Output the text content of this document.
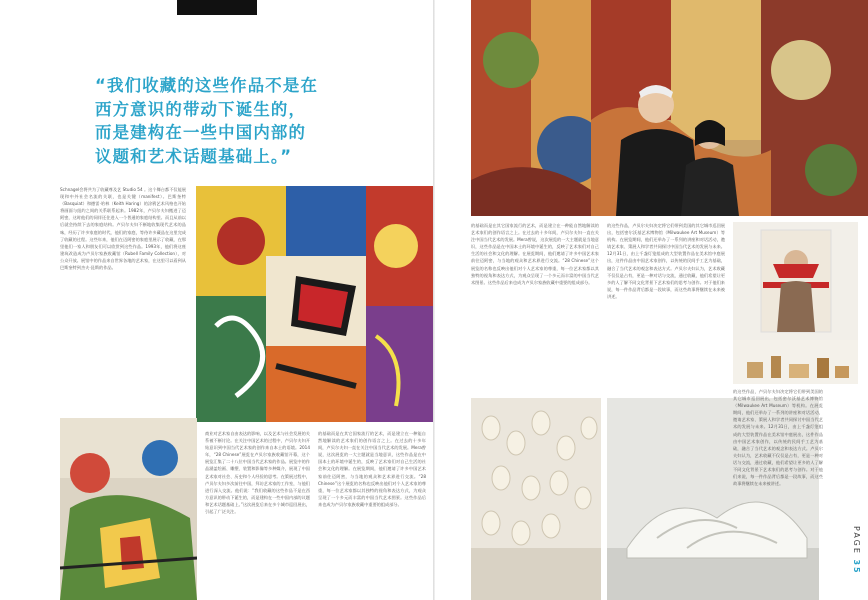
“我们收藏的这些作品不是在
西方意识的带动下诞生的，
而是建构在一些中国内部的
议题和艺术话题基础上。”

Schnagel会将共为了收藏尊及艺 Studio 54 。这个舞台都不仅能展现和中外社会名流的关联，也是关键（manifest）。巴斯奎特（Basquiat）和德雷·哈林（Keith Haring）的涂鸦艺术风格也开始将画面与纽约之间的关系联系起来。1982年，卢贝尔夫妇搬进了迈阿密，这时他们的同伴还住进入一个普通的家庭结构里。而且从前以后就会持续下去的家庭结构。卢贝尔夫妇不断地收集现代艺术的品味，经历了许多家庭的时代，他们的家庭，等待许多藏品在这里完成了收藏的过程。这些年来，他们在迈阿密的家庭里展示了收藏，在那里他们一家人和朋友们可以欣赏到这些作品。1993年，他们将这座建筑改造成为卢贝尔家族收藏馆（Rubell Family Collection），对公众开放。展馆中的作品来自世界各地的艺术家，在这里可以看到从巴斯奎特到杰夫·昆斯的作品。

商业对艺术家自由表达的影响，以及艺术与社会发展的关系被不断讨论。在关注中国艺术的过程中，卢贝尔夫妇开始意识到中国当代艺术家的创作来自本土的语境。2014年，“28 Chinese”展览在卢贝尔家族收藏馆开幕，这个展览汇集了二十八位中国当代艺术家的作品。展览中的作品涵盖绘画、雕塑、装置和影像等多种媒介，展现了中国艺术家对社会、历史和个人经验的思考。在策展过程中，卢贝尔夫妇多次前往中国，拜访艺术家的工作室，与他们进行深入交流。他们说：“我们收藏的这些作品不是在西方意识的带动下诞生的，而是建构在一些中国内部的议题和艺术话题基础上。”这次展览后来在多个城市巡回展出，引起了广泛关注。

的基础而是在其它国家流行的艺术，而是建立在一种能自然地解读的艺术家们的创作语言之上。在过去的十多年间，卢贝尔夫妇一直在关注中国当代艺术的发展。Mera曾说，这次展览的一大主题就是当地意识，这些作品是在中国本土的环境中诞生的，反映了艺术家们对自己生活的社会和文化的理解。在展览期间，他们邀请了许多中国艺术家前往迈阿密，与当地的观众和艺术界进行交流。“28 Chinese”这个展览的名称也反映出他们对个人艺术家的尊重，每一位艺术家都以其独特的视角和表达方式，为观众呈现了一个多元而丰富的中国当代艺术图景。这些作品后来也成为卢贝尔家族收藏中重要的组成部分。

的基础而是在其它国家流行的艺术，而是建立在一种能自然地解读的艺术家们的创作语言之上。在过去的十多年间，卢贝尔夫妇一直在关注中国当代艺术的发展。Mera曾说，这次展览的一大主题就是当地意识，这些作品是在中国本土的环境中诞生的，反映了艺术家们对自己生活的社会和文化的理解。在展览期间，他们邀请了许多中国艺术家前往迈阿密，与当地的观众和艺术界进行交流。“28 Chinese”这个展览的名称也反映出他们对个人艺术家的尊重，每一位艺术家都以其独特的视角和表达方式，为观众呈现了一个多元而丰富的中国当代艺术图景。这些作品后来也成为卢贝尔家族收藏中重要的组成部分。

的这些作品，卢贝尔夫妇决定将它们带到美国的其它城市巡回展出，包括密尔沃基艺术博物馆（Milwaukee Art Museum）等机构。在展览期间，他们还举办了一系列的讲座和对话活动，邀请艺术家、策展人和学者共同探讨中国当代艺术的发展与未来。12月31日，由上千盏灯笼组成的大型装置作品在美术馆中庭展出，这件作品由中国艺术家创作，以传统的民间手工艺为基础，融合了当代艺术的观念和表达方式。卢贝尔夫妇认为，艺术收藏不仅仅是占有，更是一种对话与交流，通过收藏，他们希望让更多的人了解不同文化背景下艺术家们的思考与创作。对于他们来说，每一件作品背后都是一段故事，而这些故事将继续在未来被讲述。

的这些作品，卢贝尔夫妇决定将它们带到美国的其它城市巡回展出，包括密尔沃基艺术博物馆（Milwaukee Art Museum）等机构。在展览期间，他们还举办了一系列的讲座和对话活动，邀请艺术家、策展人和学者共同探讨中国当代艺术的发展与未来。12月31日，由上千盏灯笼组成的大型装置作品在美术馆中庭展出，这件作品由中国艺术家创作，以传统的民间手工艺为基础，融合了当代艺术的观念和表达方式。卢贝尔夫妇认为，艺术收藏不仅仅是占有，更是一种对话与交流，通过收藏，他们希望让更多的人了解不同文化背景下艺术家们的思考与创作。对于他们来说，每一件作品背后都是一段故事，而这些故事将继续在未来被讲述。

PAGE 35
